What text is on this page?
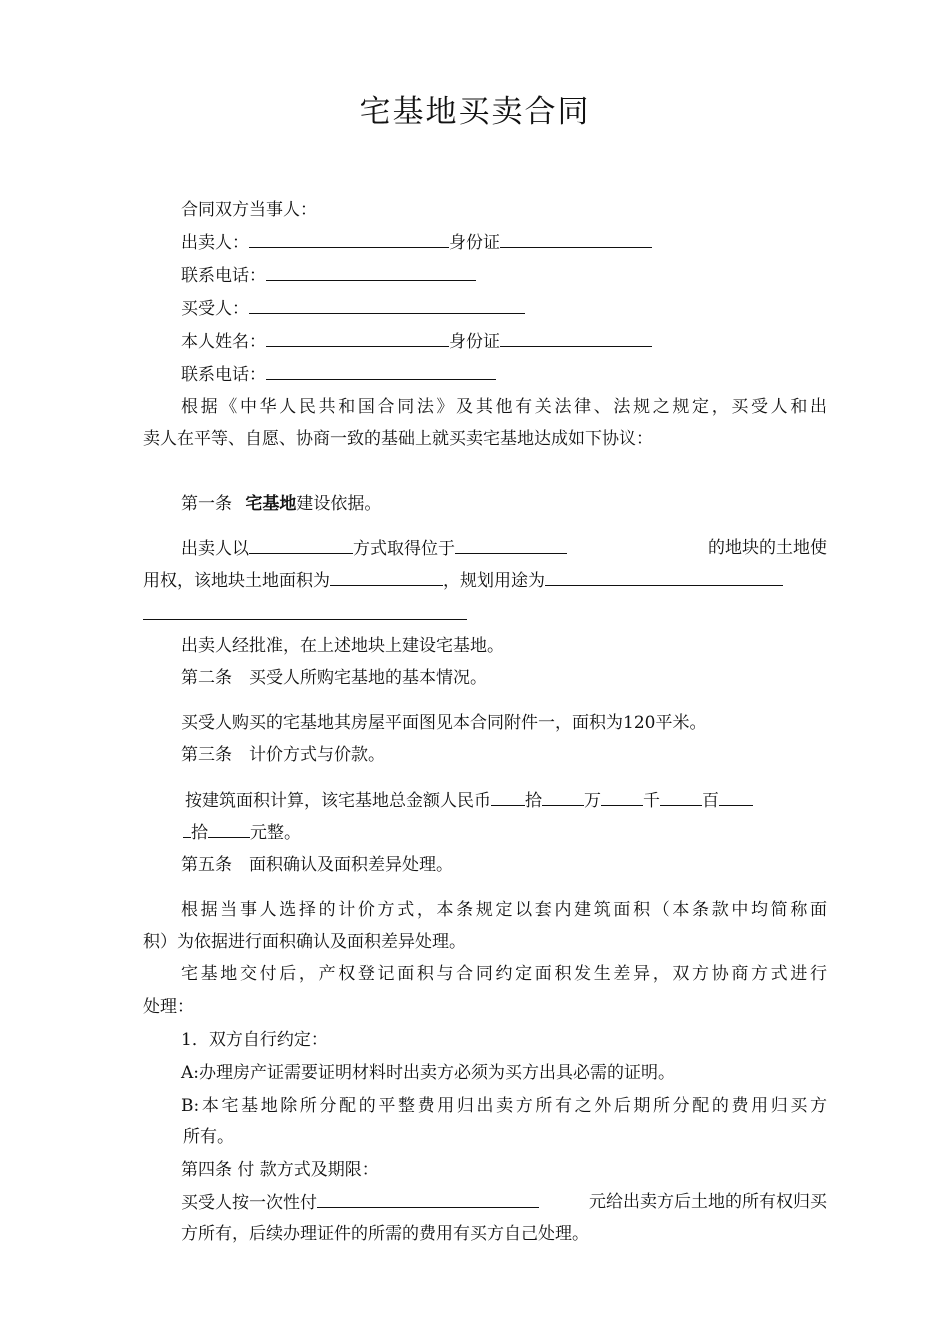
宅基地买卖合同
合同双方当事人：
出卖人：	身份证
联系电话：
买受人：
本人姓名：	身份证
联系电话：
根据《中华人民共和国合同法》及其他有关法律、法规之规定，买受人和出
卖人在平等、自愿、协商一致的基础上就买卖宅基地达成如下协议：
第一条 宅基地建设依据。
出卖人以	方式取得位于	的地块的土地使
用权，该地块土地面积为	，规划用途为
出卖人经批准，在上述地块上建设宅基地。
第二条　买受人所购宅基地的基本情况。
买受人购买的宅基地其房屋平面图见本合同附件一，面积为120平米。
第三条　计价方式与价款。
按建筑面积计算，该宅基地总金额人民币 拾 万 千 百
拾 元整。
第五条　面积确认及面积差异处理。
根据当事人选择的计价方式，本条规定以套内建筑面积（本条款中均简称面
积）为依据进行面积确认及面积差异处理。
宅基地交付后，产权登记面积与合同约定面积发生差异，双方协商方式进行
处理：
1．双方自行约定：
A:办理房产证需要证明材料时出卖方必须为买方出具必需的证明。
B:本宅基地除所分配的平整费用归出卖方所有之外后期所分配的费用归买方
所有。
第四条 付 款方式及期限：
买受人按一次性付	元给出卖方后土地的所有权归买
方所有，后续办理证件的所需的费用有买方自己处理。
